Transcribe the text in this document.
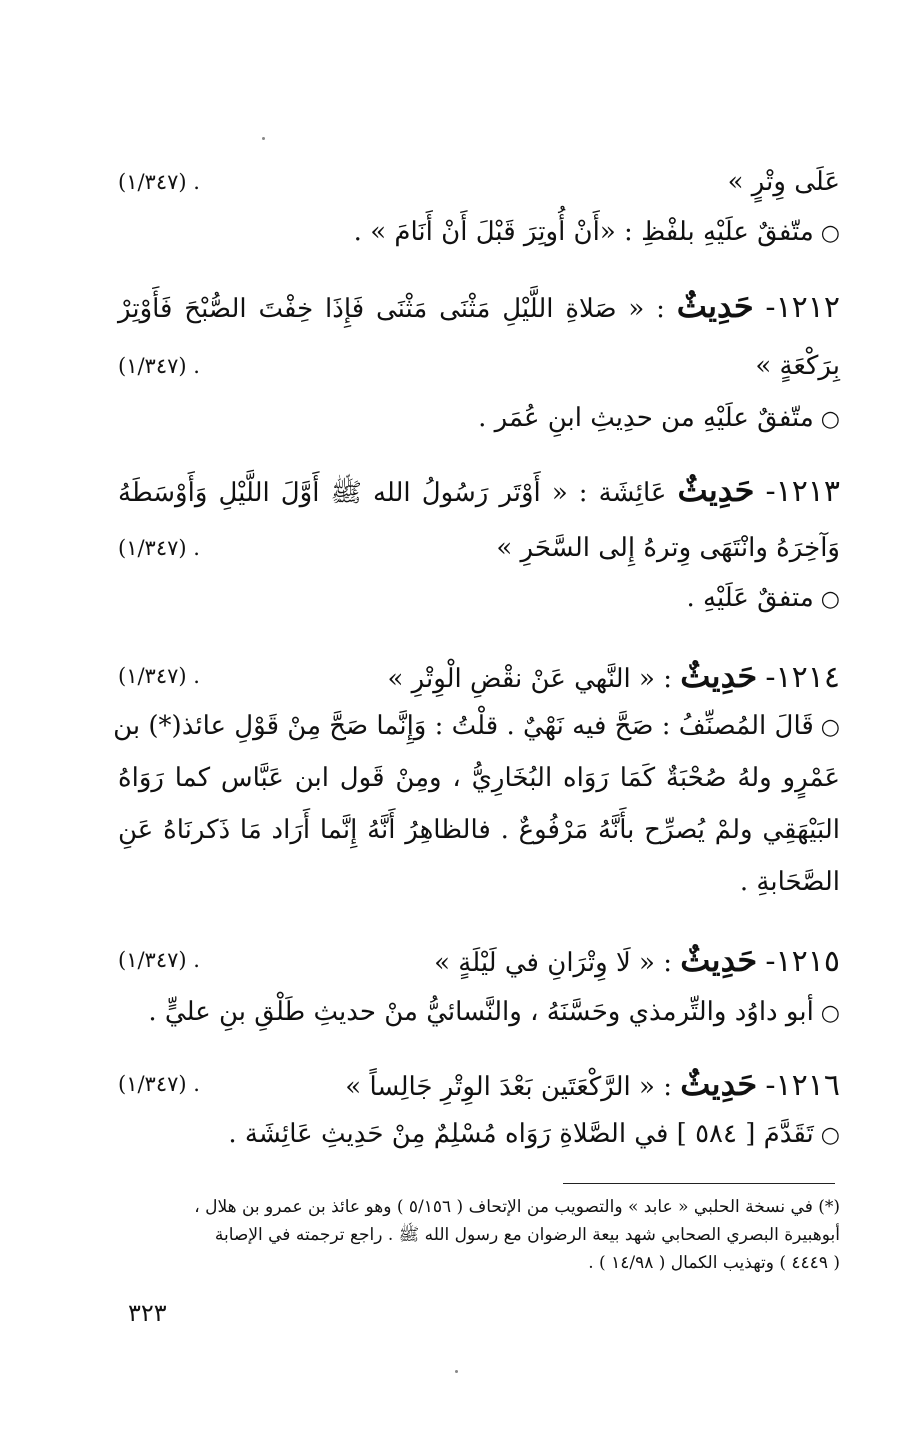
عَلَى وِتْرٍ »
(١/٣٤٧) .
○ متّفقٌ علَيْهِ بلفْظِ : «أَنْ أُوتِرَ قَبْلَ أَنْ أَنَامَ » .
١٢١٢- حَدِيثٌ : « صَلاةِ اللَّيْلِ مَثْنَى مَثْنَى فَإِذَا خِفْتَ الصُّبْحَ فَأَوْتِرْ
بِرَكْعَةٍ »
(١/٣٤٧) .
○ متّفقٌ علَيْهِ من حدِيثِ ابنِ عُمَر .
١٢١٣- حَدِيثٌ عَائِشَة : « أَوْتَر رَسُولُ الله ﷺ أَوَّلَ اللَّيْلِ وَأَوْسَطَهُ
وَآخِرَهُ وانْتَهَى وِترهُ إِلى السَّحَرِ »
(١/٣٤٧) .
○ متفقٌ عَلَيْهِ .
١٢١٤- حَدِيثٌ : « النَّهي عَنْ نقْضِ الْوِتْرِ »
(١/٣٤٧) .
○ قَالَ المُصنِّفُ : صَحَّ فيه نَهْيٌ . قلْتُ : وَإِنَّما صَحَّ مِنْ قَوْلِ عائذ(*) بن
عَمْرٍو ولهُ صُحْبَةٌ كَمَا رَوَاه البُخَارِيُّ ، ومِنْ قَول ابن عَبَّاس كما رَوَاهُ
البَيْهَقِي ولمْ يُصرِّح بأَنَّهُ مَرْفُوعٌ . فالظاهِرُ أَنَّهُ إِنَّما أَرَاد مَا ذَكرنَاهُ عَنِ
الصَّحَابةِ .
١٢١٥- حَدِيثٌ : « لَا وِتْرَانِ في لَيْلَةٍ »
(١/٣٤٧) .
○ أبو داوُد والتِّرمذي وحَسَّنَهُ ، والنَّسائيُّ منْ حديثِ طَلْقِ بنِ عليٍّ .
١٢١٦- حَدِيثٌ : « الرَّكْعَتَين بَعْدَ الوِتْرِ جَالِساً »
(١/٣٤٧) .
○ تَقَدَّمَ [ ٥٨٤ ] في الصَّلاةِ رَوَاه مُسْلِمٌ مِنْ حَدِيثِ عَائِشَة .
(*) في نسخة الحلبي « عابد » والتصويب من الإتحاف ( ٥/١٥٦ ) وهو عائذ بن عمرو بن هلال ،
أبوهبيرة البصري الصحابي شهد بيعة الرضوان مع رسول الله ﷺ . راجع ترجمته في الإصابة
( ٤٤٤٩ ) وتهذيب الكمال ( ١٤/٩٨ ) .
٣٢٣
